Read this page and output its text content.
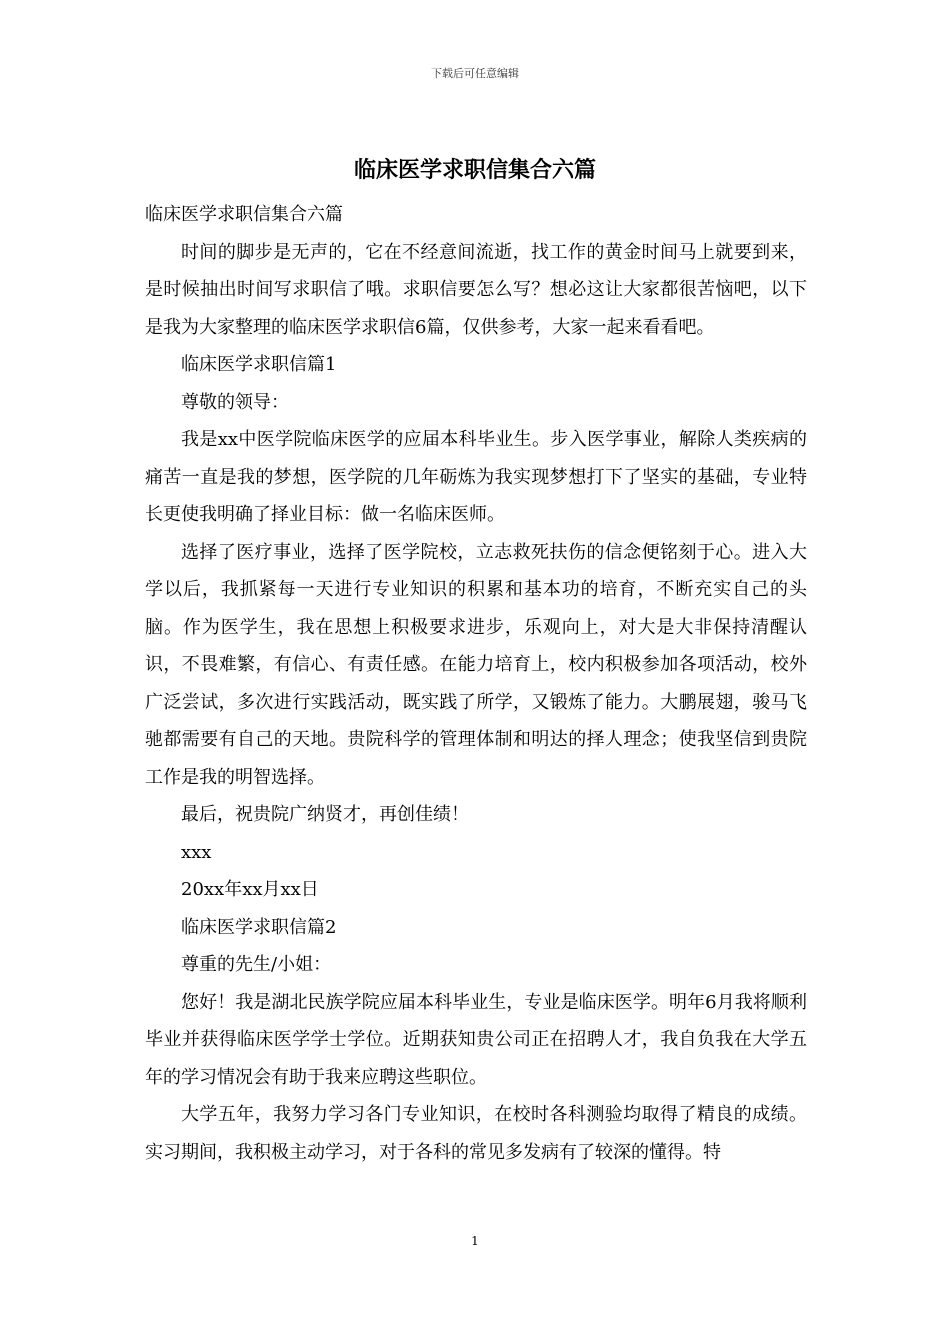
下载后可任意编辑
临床医学求职信集合六篇

临床医学求职信集合六篇

时间的脚步是无声的，它在不经意间流逝，找工作的黄金时间马上就要到来，是时候抽出时间写求职信了哦。求职信要怎么写？想必这让大家都很苦恼吧，以下是我为大家整理的临床医学求职信6篇，仅供参考，大家一起来看看吧。

临床医学求职信篇1

尊敬的领导：

我是xx中医学院临床医学的应届本科毕业生。步入医学事业，解除人类疾病的痛苦一直是我的梦想，医学院的几年砺炼为我实现梦想打下了坚实的基础，专业特长更使我明确了择业目标：做一名临床医师。

选择了医疗事业，选择了医学院校，立志救死扶伤的信念便铭刻于心。进入大学以后，我抓紧每一天进行专业知识的积累和基本功的培育，不断充实自己的头脑。作为医学生，我在思想上积极要求进步，乐观向上，对大是大非保持清醒认识，不畏难繁，有信心、有责任感。在能力培育上，校内积极参加各项活动，校外广泛尝试，多次进行实践活动，既实践了所学，又锻炼了能力。大鹏展翅，骏马飞驰都需要有自己的天地。贵院科学的管理体制和明达的择人理念；使我坚信到贵院工作是我的明智选择。

最后，祝贵院广纳贤才，再创佳绩！

xxx

20xx年xx月xx日

临床医学求职信篇2

尊重的先生/小姐：

您好！我是湖北民族学院应届本科毕业生，专业是临床医学。明年6月我将顺利毕业并获得临床医学学士学位。近期获知贵公司正在招聘人才，我自负我在大学五年的学习情况会有助于我来应聘这些职位。

大学五年，我努力学习各门专业知识，在校时各科测验均取得了精良的成绩。实习期间，我积极主动学习，对于各科的常见多发病有了较深的懂得。特

1
